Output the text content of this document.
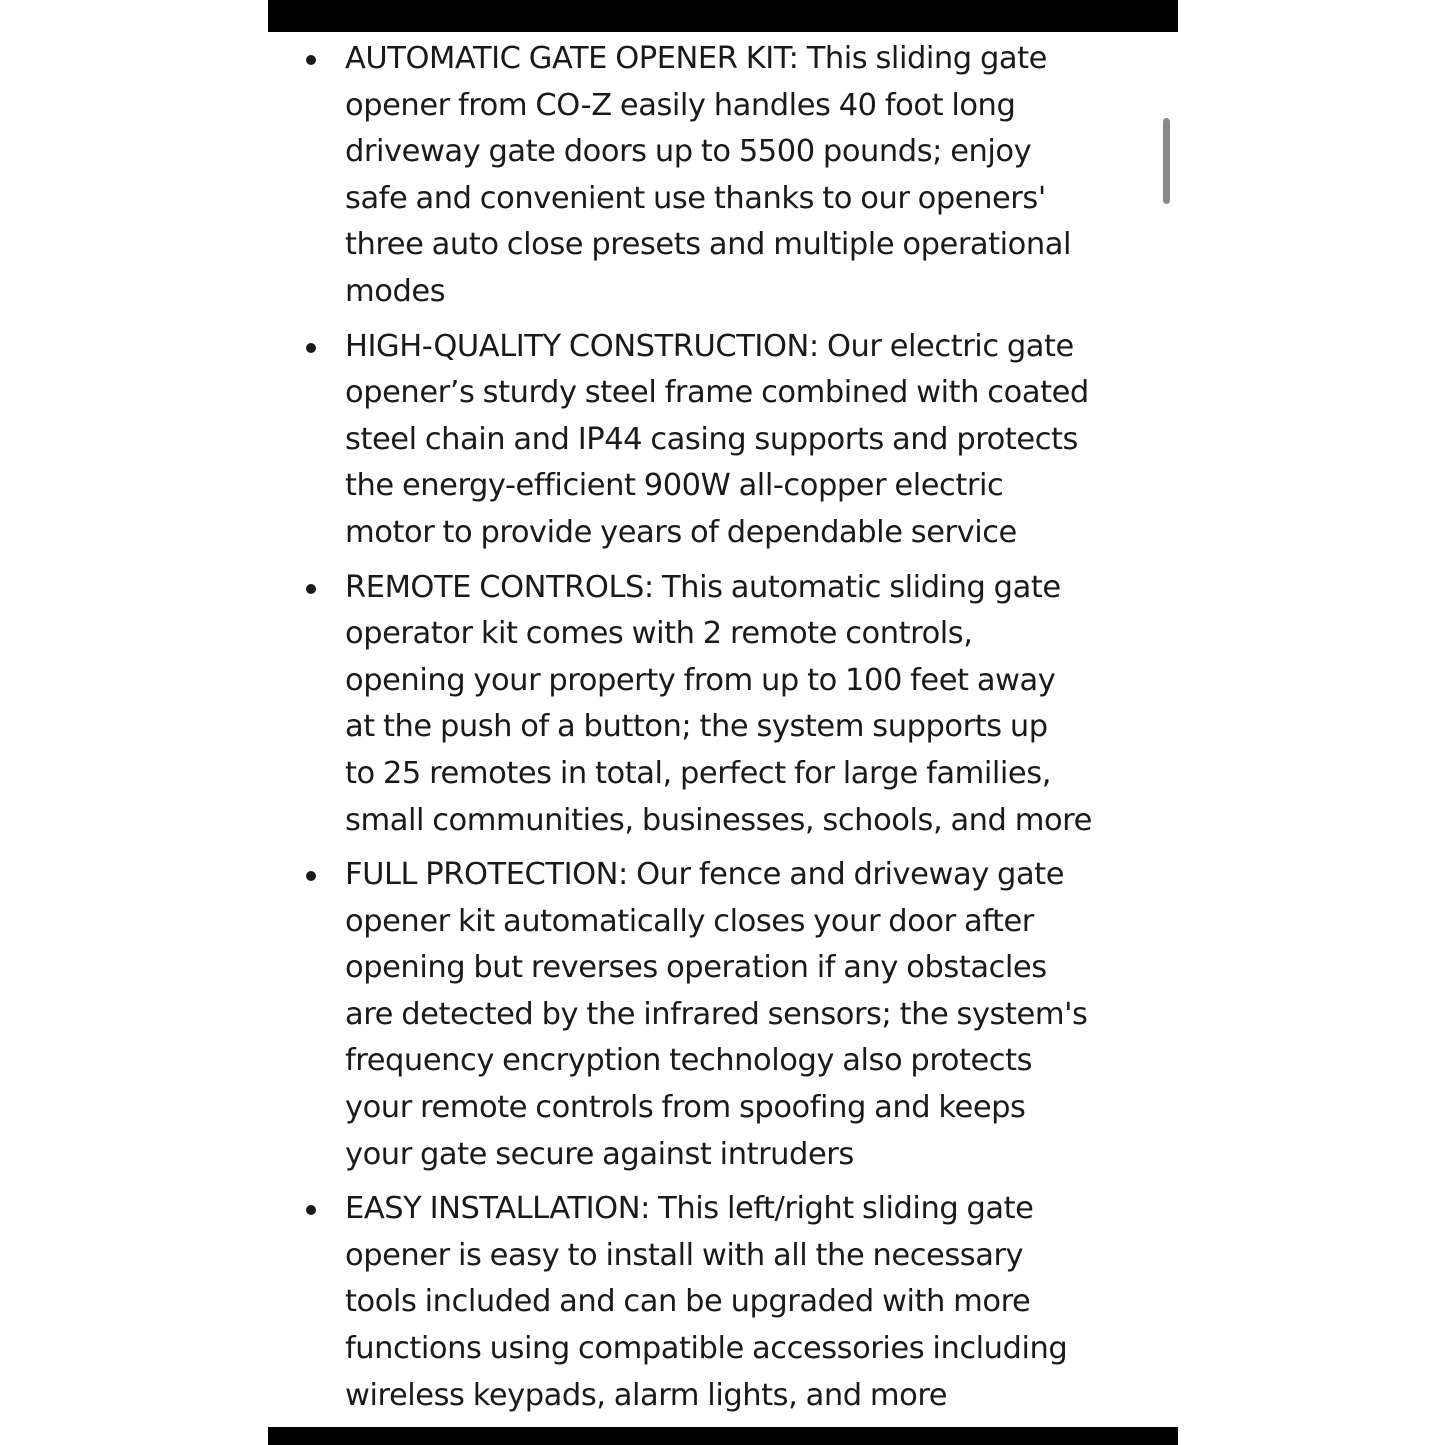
AUTOMATIC GATE OPENER KIT: This sliding gate
opener from CO-Z easily handles 40 foot long
driveway gate doors up to 5500 pounds; enjoy
safe and convenient use thanks to our openers'
three auto close presets and multiple operational
modes
HIGH-QUALITY CONSTRUCTION: Our electric gate
opener’s sturdy steel frame combined with coated
steel chain and IP44 casing supports and protects
the energy-efficient 900W all-copper electric
motor to provide years of dependable service
REMOTE CONTROLS: This automatic sliding gate
operator kit comes with 2 remote controls,
opening your property from up to 100 feet away
at the push of a button; the system supports up
to 25 remotes in total, perfect for large families,
small communities, businesses, schools, and more
FULL PROTECTION: Our fence and driveway gate
opener kit automatically closes your door after
opening but reverses operation if any obstacles
are detected by the infrared sensors; the system's
frequency encryption technology also protects
your remote controls from spoofing and keeps
your gate secure against intruders
EASY INSTALLATION: This left/right sliding gate
opener is easy to install with all the necessary
tools included and can be upgraded with more
functions using compatible accessories including
wireless keypads, alarm lights, and more
